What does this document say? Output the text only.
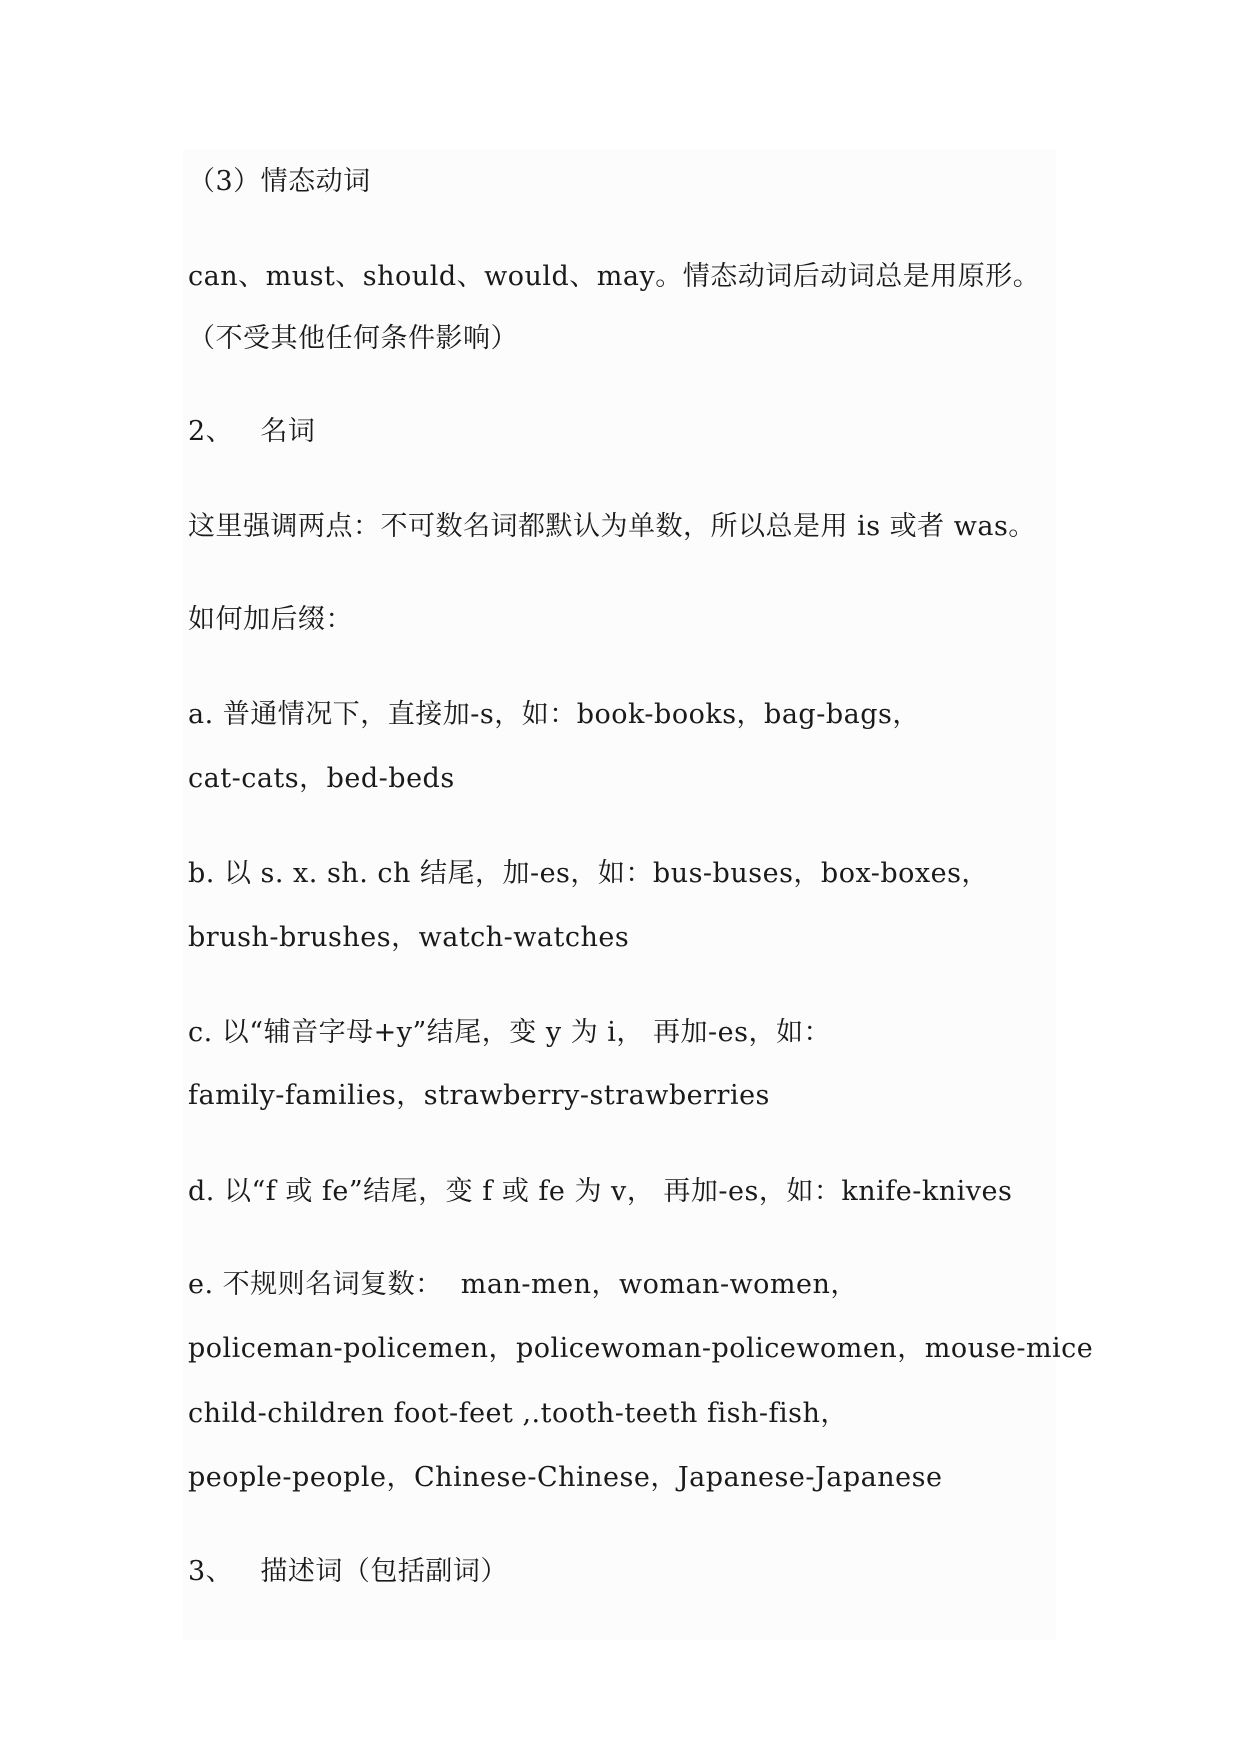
（3）情态动词
can、must、should、would、may。情态动词后动词总是用原形。
（不受其他任何条件影响）
2、   名词
这里强调两点：不可数名词都默认为单数，所以总是用 is 或者 was。
如何加后缀：
a. 普通情况下，直接加-s，如：book-books，bag-bags，
cat-cats，bed-beds
b. 以 s. x. sh. ch 结尾，加-es，如：bus-buses，box-boxes，
brush-brushes，watch-watches
c. 以“辅音字母+y”结尾，变 y 为 i， 再加-es，如：
family-families，strawberry-strawberries
d. 以“f 或 fe”结尾，变 f 或 fe 为 v， 再加-es，如：knife-knives
e. 不规则名词复数：  man-men，woman-women，
policeman-policemen，policewoman-policewomen，mouse-mice
child-children foot-feet ,.tooth-teeth fish-fish，
people-people，Chinese-Chinese，Japanese-Japanese
3、   描述词（包括副词）
